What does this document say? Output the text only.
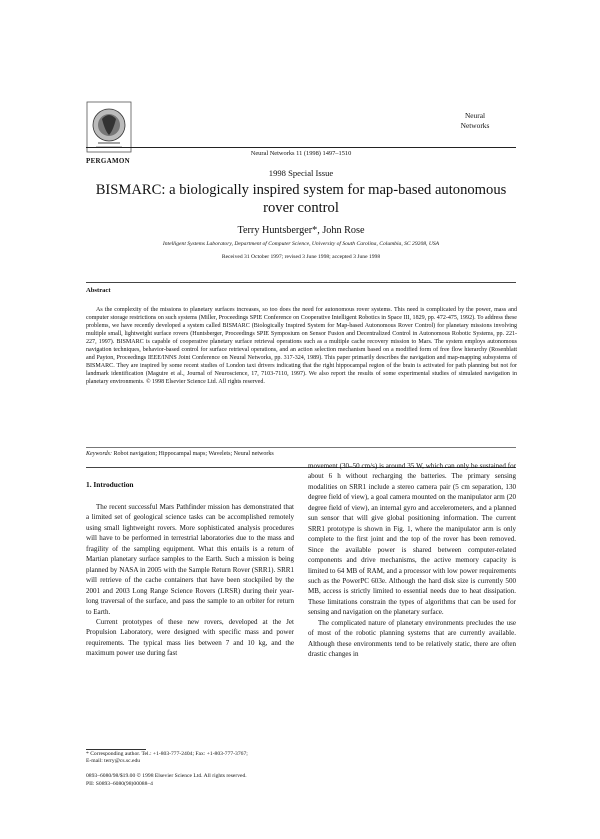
PERGAMON
Neural
Networks
Neural Networks 11 (1998) 1497–1510
1998 Special Issue
BISMARC: a biologically inspired system for map-based autonomous rover control
Terry Huntsberger*, John Rose
Intelligent Systems Laboratory, Department of Computer Science, University of South Carolina, Columbia, SC 29208, USA
Received 31 October 1997; revised 3 June 1998; accepted 3 June 1998
Abstract
As the complexity of the missions to planetary surfaces increases, so too does the need for autonomous rover systems. This need is complicated by the power, mass and computer storage restrictions on such systems (Miller, Proceedings SPIE Conference on Cooperative Intelligent Robotics in Space III, 1829, pp. 472-475, 1992). To address these problems, we have recently developed a system called BISMARC (Biologically Inspired System for Map-based Autonomous Rover Control) for planetary missions involving multiple small, lightweight surface rovers (Huntsberger, Proceedings SPIE Symposium on Sensor Fusion and Decentralized Control in Autonomous Robotic Systems, pp. 221-227, 1997). BISMARC is capable of cooperative planetary surface retrieval operations such as a multiple cache recovery mission to Mars. The system employs autonomous navigation techniques, behavior-based control for surface retrieval operations, and an action selection mechanism based on a modified form of free flow hierarchy (Rosenblatt and Payton, Proceedings IEEE/INNS Joint Conference on Neural Networks, pp. 317-324, 1989). This paper primarily describes the navigation and map-mapping subsystems of BISMARC. They are inspired by some recent studies of London taxi drivers indicating that the right hippocampal region of the brain is activated for path planning but not for landmark identification (Maguire et al., Journal of Neuroscience, 17, 7103-7110, 1997). We also report the results of some experimental studies of simulated navigation in planetary environments. © 1998 Elsevier Science Ltd. All rights reserved.
Keywords: Robot navigation; Hippocampal maps; Wavelets; Neural networks
1. Introduction

The recent successful Mars Pathfinder mission has demonstrated that a limited set of geological science tasks can be accomplished remotely using small lightweight rovers. More sophisticated analysis procedures will have to be performed in terrestrial laboratories due to the mass and fragility of the sampling equipment. What this entails is a return of Martian planetary surface samples to the Earth. Such a mission is being planned by NASA in 2005 with the Sample Return Rover (SRR1). SRR1 will retrieve of the cache containers that have been stockpiled by the 2001 and 2003 Long Range Science Rovers (LRSR) during their year-long traversal of the surface, and pass the sample to an orbiter for return to Earth.

Current prototypes of these new rovers, developed at the Jet Propulsion Laboratory, were designed with specific mass and power requirements. The typical mass lies between 7 and 10 kg, and the maximum power use during fast

movement (30–50 cm/s) is around 35 W, which can only be sustained for about 6 h without recharging the batteries. The primary sensing modalities on SRR1 include a stereo camera pair (5 cm separation, 130 degree field of view), a goal camera mounted on the manipulator arm (20 degree field of view), an internal gyro and accelerometers, and a planned sun sensor that will give global positioning information. The current SRR1 prototype is shown in Fig. 1, where the manipulator arm is only complete to the first joint and the top of the rover has been removed. Since the available power is shared between computer-related components and drive mechanisms, the active memory capacity is limited to 64 MB of RAM, and a processor with low power requirements such as the PowerPC 603e. Although the hard disk size is currently 500 MB, access is strictly limited to essential needs due to heat dissipation. These limitations constrain the types of algorithms that can be used for sensing and navigation on the planetary surface.

The complicated nature of planetary environments precludes the use of most of the robotic planning systems that are currently available. Although these environments tend to be relatively static, there are often drastic changes in

* Corresponding author. Tel.: +1-803-777-2404; Fax: +1-803-777-3767;
E-mail: terry@cs.sc.edu
0893–6080/98/$19.00 © 1998 Elsevier Science Ltd. All rights reserved.
PII: S0893–6080(98)00088–4
